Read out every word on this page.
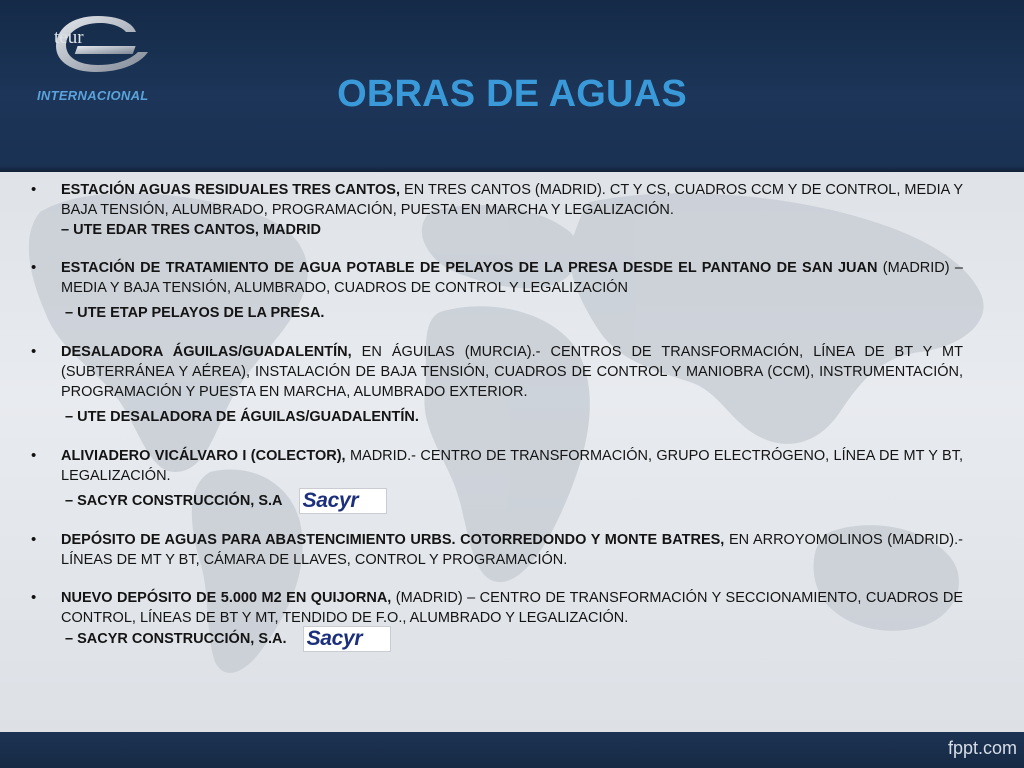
teur
INTERNACIONAL	OBRAS DE AGUAS
• ESTACIÓN AGUAS RESIDUALES TRES CANTOS, EN TRES CANTOS (MADRID). CT Y CS, CUADROS CCM Y DE CONTROL, MEDIA Y BAJA TENSIÓN, ALUMBRADO, PROGRAMACIÓN, PUESTA EN MARCHA Y LEGALIZACIÓN.
– UTE EDAR TRES CANTOS, MADRID
• ESTACIÓN DE TRATAMIENTO DE AGUA POTABLE DE PELAYOS DE LA PRESA DESDE EL PANTANO DE SAN JUAN (MADRID) – MEDIA Y BAJA TENSIÓN, ALUMBRADO, CUADROS DE CONTROL Y LEGALIZACIÓN
– UTE ETAP PELAYOS DE LA PRESA.
• DESALADORA ÁGUILAS/GUADALENTÍN, EN ÁGUILAS (MURCIA).- CENTROS DE TRANSFORMACIÓN, LÍNEA DE BT Y MT (SUBTERRÁNEA Y AÉREA), INSTALACIÓN DE BAJA TENSIÓN, CUADROS DE CONTROL Y MANIOBRA (CCM), INSTRUMENTACIÓN, PROGRAMACIÓN Y PUESTA EN MARCHA, ALUMBRADO EXTERIOR.
– UTE DESALADORA DE ÁGUILAS/GUADALENTÍN.
• ALIVIADERO VICÁLVARO I (COLECTOR), MADRID.- CENTRO DE TRANSFORMACIÓN, GRUPO ELECTRÓGENO, LÍNEA DE MT Y BT, LEGALIZACIÓN.
– SACYR CONSTRUCCIÓN, S.A Sacyr
• DEPÓSITO DE AGUAS PARA ABASTENCIMIENTO URBS. COTORREDONDO Y MONTE BATRES, EN ARROYOMOLINOS (MADRID).- LÍNEAS DE MT Y BT, CÁMARA DE LLAVES, CONTROL Y PROGRAMACIÓN.
• NUEVO DEPÓSITO DE 5.000 M2 EN QUIJORNA, (MADRID) – CENTRO DE TRANSFORMACIÓN Y SECCIONAMIENTO, CUADROS DE CONTROL, LÍNEAS DE BT Y MT, TENDIDO DE F.O., ALUMBRADO Y LEGALIZACIÓN.
– SACYR CONSTRUCCIÓN, S.A. Sacyr
fppt.com
